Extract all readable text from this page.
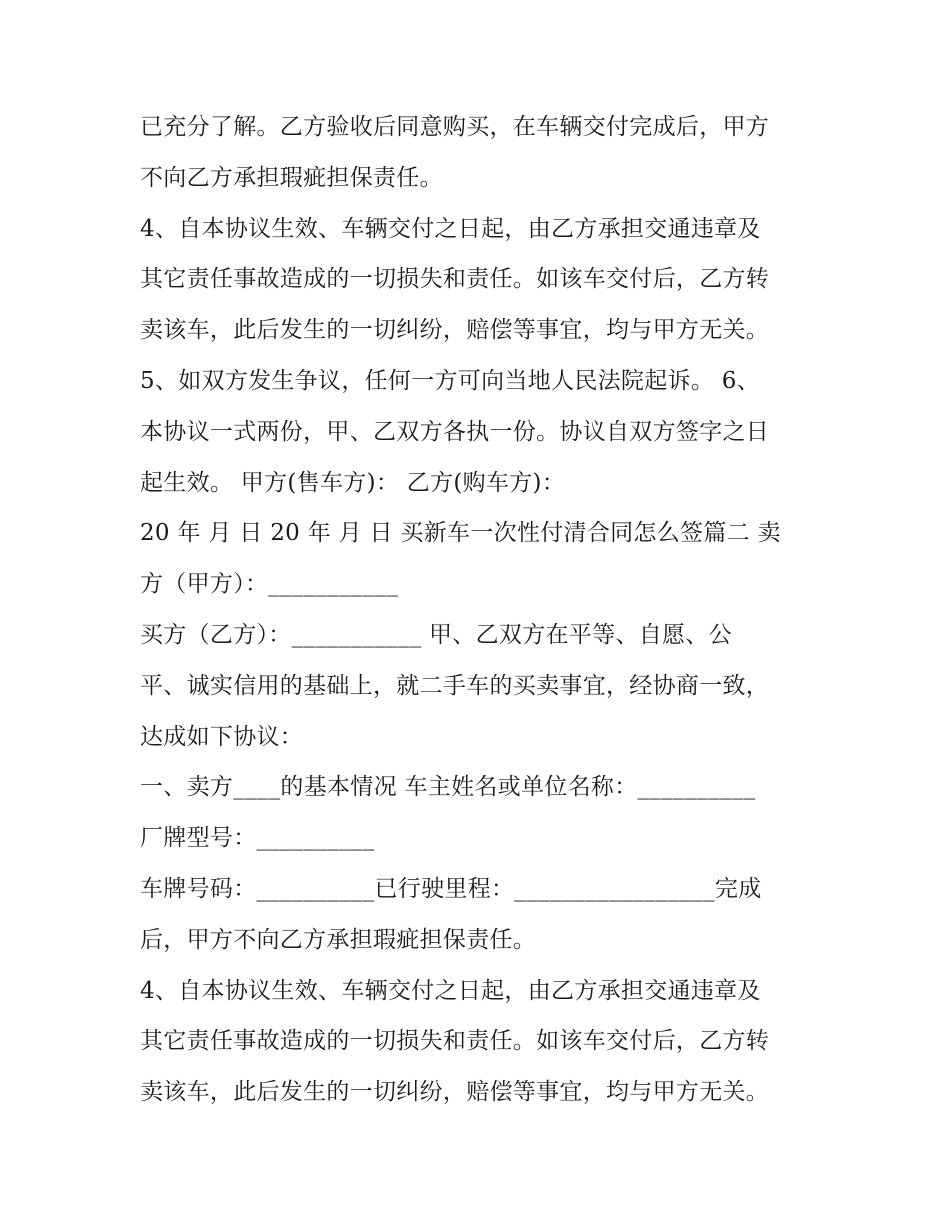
已充分了解。乙方验收后同意购买，在车辆交付完成后，甲方
不向乙方承担瑕疵担保责任。
4、自本协议生效、车辆交付之日起，由乙方承担交通违章及
其它责任事故造成的一切损失和责任。如该车交付后，乙方转
卖该车，此后发生的一切纠纷，赔偿等事宜，均与甲方无关。
5、如双方发生争议，任何一方可向当地人民法院起诉。 6、
本协议一式两份，甲、乙双方各执一份。协议自双方签字之日
起生效。 甲方(售车方)： 乙方(购车方)：
20 年 月 日 20 年 月 日 买新车一次性付清合同怎么签篇二 卖
方（甲方）：___________
买方（乙方）：___________ 甲、乙双方在平等、自愿、公
平、诚实信用的基础上，就二手车的买卖事宜，经协商一致，
达成如下协议：
一、卖方____的基本情况 车主姓名或单位名称：__________
厂牌型号：__________
车牌号码：__________已行驶里程：_________________完成
后，甲方不向乙方承担瑕疵担保责任。
4、自本协议生效、车辆交付之日起，由乙方承担交通违章及
其它责任事故造成的一切损失和责任。如该车交付后，乙方转
卖该车，此后发生的一切纠纷，赔偿等事宜，均与甲方无关。
